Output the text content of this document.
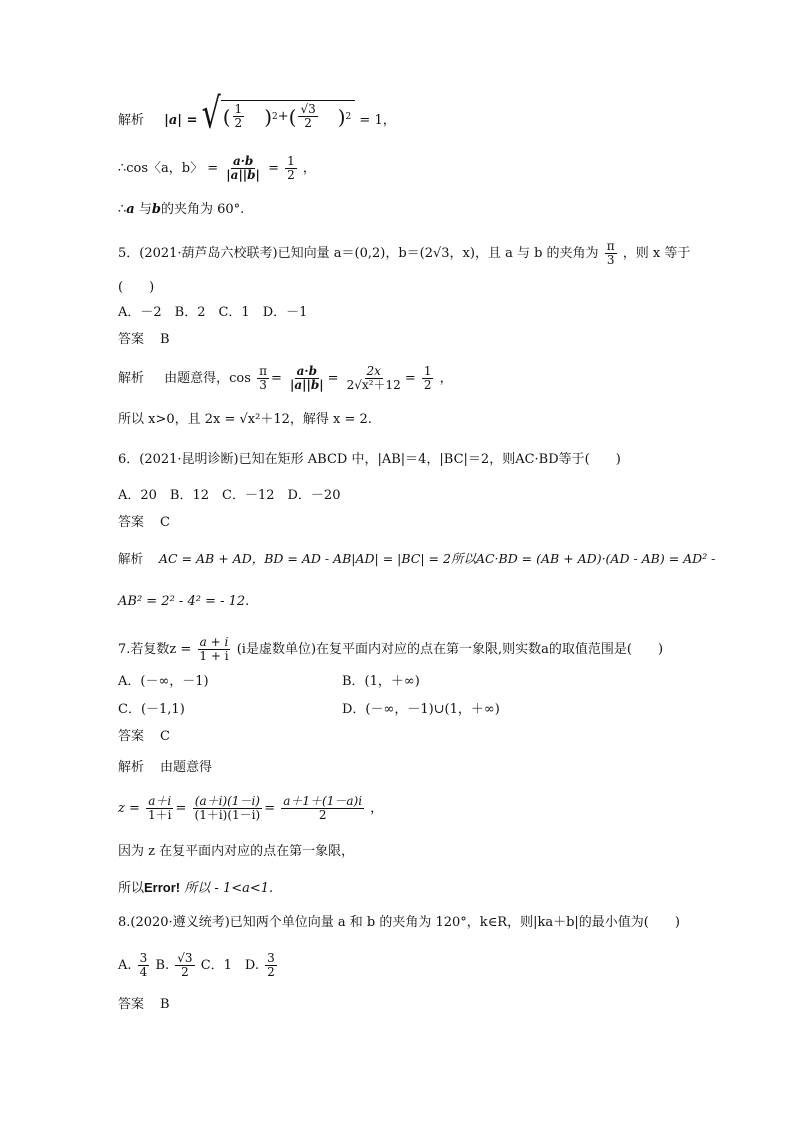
解析 |a| = √ ( $\frac{1}{2}$ ) 2 + ( $\frac{√3}{2}$ ) 2 = 1，
∴cos〈a，b〉 = $\frac{a\cdot b}{|a||b|} = \frac{1}{2}$ ，
∴a 与b的夹角为 60°.
5．(2021·葫芦岛六校联考)已知向量 a＝(0,2)，b＝(2√3，x)，且 a 与 b 的夹角为 $\frac{\pi}{3}$ ，则 x 等于
(　　)
A．－2　B．2　C．1　D．－1
答案 B
解析 由题意得，$\cos \frac{\pi}{3} = \frac{a\cdot b}{|a||b|} = \frac{2x}{\text{2√x²＋12}} = \frac{1}{2}$ ，
所以 x>0，且 2x = √x²＋12，解得 x = 2.
6．(2021·昆明诊断)已知在矩形 ABCD 中，|AB|＝4，|BC|＝2，则AC·BD等于(　　)
A．20　B．12　C．－12　D．－20
答案 C
解析 AC = AB + AD，BD = AD - AB|AD| = |BC| = 2所以AC·BD = (AB + AD)·(AD - AB) = AD² -
AB² = 2² - 4² = - 12.
7.若复数$z = \frac{a + i}{1 + i} (i$是虚数单位)在复平面内对应的点在第一象限,则实数a的取值范围是(　　)
A．(－∞，－1)	B．(1，＋∞)
C．(－1,1)	D．(－∞，－1)∪(1，＋∞)
答案 C
解析 由题意得
$z = \frac{a+i}{1+i} = \frac{(a+i)(1-i)}{(1+i)(1-i)} = \frac{a+1+(1-a)i}{2}$ ，
因为 z 在复平面内对应的点在第一象限，
所以Error! 所以 - 1<a<1.
8.(2020·遵义统考)已知两个单位向量 a 和 b 的夹角为 120°，k∈R，则|ka＋b|的最小值为(　　)
A. $\frac{3}{4} B$. $\frac{√3}{2}$ C．1　D. $\frac{3}{2}$
答案 B
